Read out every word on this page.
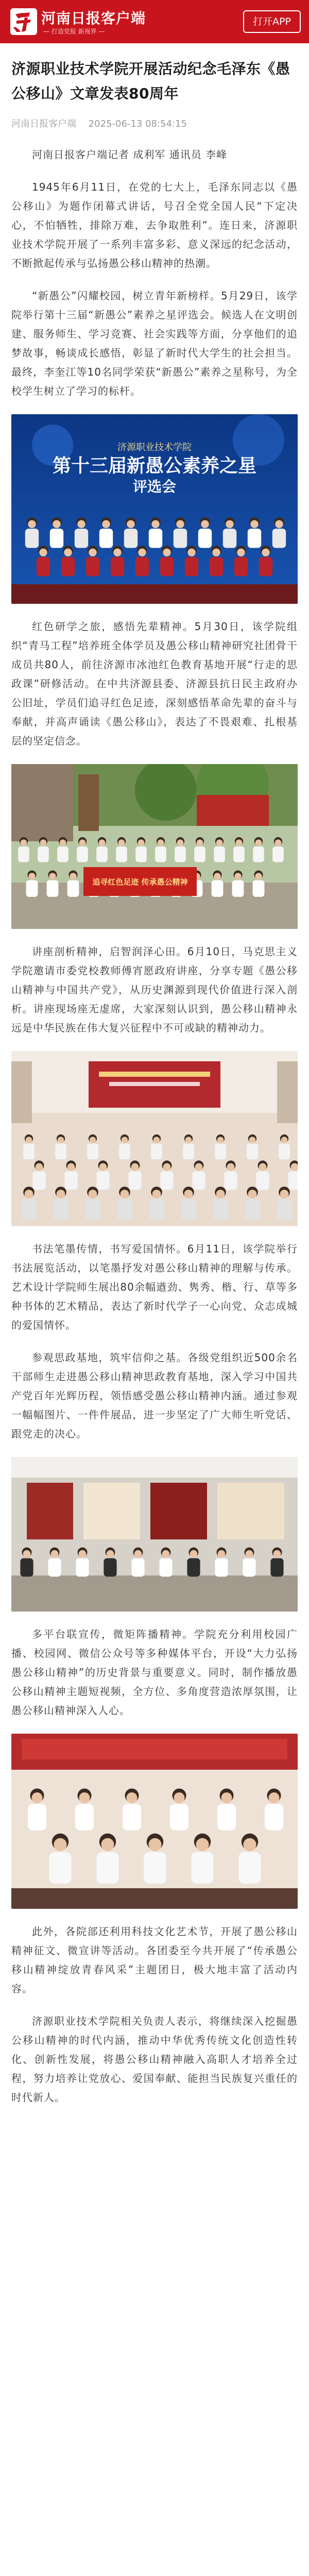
河南日报客户端
— 打造党报 新视界 —
打开APP
济源职业技术学院开展活动纪念毛泽东《愚公移山》文章发表80周年
河南日报客户端 2025-06-13 08:54:15

河南日报客户端记者 成利军 通讯员 李峰

1945年6月11日，在党的七大上，毛泽东同志以《愚公移山》为题作闭幕式讲话，号召全党全国人民“下定决心，不怕牺牲，排除万难，去争取胜利”。连日来，济源职业技术学院开展了一系列丰富多彩、意义深远的纪念活动，不断掀起传承与弘扬愚公移山精神的热潮。

“新愚公”闪耀校园，树立青年新榜样。5月29日，该学院举行第十三届“新愚公”素养之星评选会。候选人在文明创建、服务师生、学习竞赛、社会实践等方面，分享他们的追梦故事，畅谈成长感悟，彰显了新时代大学生的社会担当。最终，李奎江等10名同学荣获“新愚公”素养之星称号，为全校学生树立了学习的标杆。

济源职业技术学院
第十三届新愚公素养之星
评选会

红色研学之旅，感悟先辈精神。5月30日，该学院组织“青马工程”培养班全体学员及愚公移山精神研究社团骨干成员共80人，前往济源市冰池红色教育基地开展“行走的思政课”研修活动。在中共济源县委、济源县抗日民主政府办公旧址，学员们追寻红色足迹，深刻感悟革命先辈的奋斗与奉献，并高声诵读《愚公移山》，表达了不畏艰难、扎根基层的坚定信念。

追寻红色足迹 传承愚公精神

讲座剖析精神，启智润泽心田。6月10日，马克思主义学院邀请市委党校教师傅宵愿政府讲座，分享专题《愚公移山精神与中国共产党》，从历史渊源到现代价值进行深入剖析。讲座现场座无虚席，大家深刻认识到，愚公移山精神永远是中华民族在伟大复兴征程中不可或缺的精神动力。

书法笔墨传情，书写爱国情怀。6月11日，该学院举行书法展览活动，以笔墨抒发对愚公移山精神的理解与传承。艺术设计学院师生展出80余幅遒劲、隽秀、楷、行、草等多种书体的艺术精品，表达了新时代学子一心向党、众志成城的爱国情怀。

参观思政基地，筑牢信仰之基。各级党组织近500余名干部师生走进愚公移山精神思政教育基地，深入学习中国共产党百年光辉历程，领悟感受愚公移山精神内涵。通过参观一幅幅图片、一件件展品，进一步坚定了广大师生听党话、跟党走的决心。

多平台联宣传，微矩阵播精神。学院充分利用校园广播、校园网、微信公众号等多种媒体平台，开设“大力弘扬愚公移山精神”的历史背景与重要意义。同时，制作播放愚公移山精神主题短视频，全方位、多角度营造浓厚氛围，让愚公移山精神深入人心。

此外，各院部还利用科技文化艺术节，开展了愚公移山精神征文、微宣讲等活动。各团委至今共开展了“传承愚公移山精神绽放青春风采”主题团日，极大地丰富了活动内容。

济源职业技术学院相关负责人表示，将继续深入挖掘愚公移山精神的时代内涵，推动中华优秀传统文化创造性转化、创新性发展，将愚公移山精神融入高职人才培养全过程，努力培养让党放心、爱国奉献、能担当民族复兴重任的时代新人。
